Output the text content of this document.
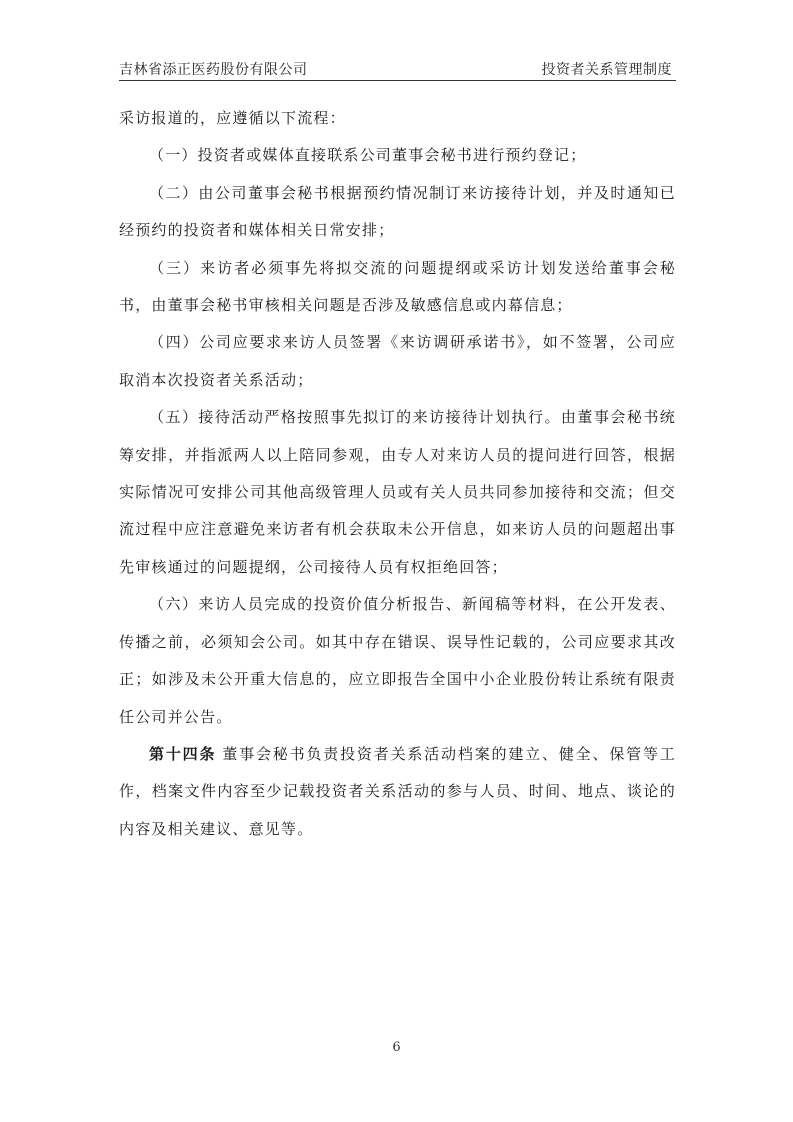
吉林省添正医药股份有限公司	投资者关系管理制度

采访报道的，应遵循以下流程：

（一）投资者或媒体直接联系公司董事会秘书进行预约登记；

（二）由公司董事会秘书根据预约情况制订来访接待计划，并及时通知已经预约的投资者和媒体相关日常安排；

（三）来访者必须事先将拟交流的问题提纲或采访计划发送给董事会秘书，由董事会秘书审核相关问题是否涉及敏感信息或内幕信息；

（四）公司应要求来访人员签署《来访调研承诺书》，如不签署，公司应取消本次投资者关系活动；

（五）接待活动严格按照事先拟订的来访接待计划执行。由董事会秘书统筹安排，并指派两人以上陪同参观，由专人对来访人员的提问进行回答，根据实际情况可安排公司其他高级管理人员或有关人员共同参加接待和交流；但交流过程中应注意避免来访者有机会获取未公开信息，如来访人员的问题超出事先审核通过的问题提纲，公司接待人员有权拒绝回答；

（六）来访人员完成的投资价值分析报告、新闻稿等材料，在公开发表、传播之前，必须知会公司。如其中存在错误、误导性记载的，公司应要求其改正；如涉及未公开重大信息的，应立即报告全国中小企业股份转让系统有限责任公司并公告。

第十四条 董事会秘书负责投资者关系活动档案的建立、健全、保管等工作，档案文件内容至少记载投资者关系活动的参与人员、时间、地点、谈论的内容及相关建议、意见等。

6
